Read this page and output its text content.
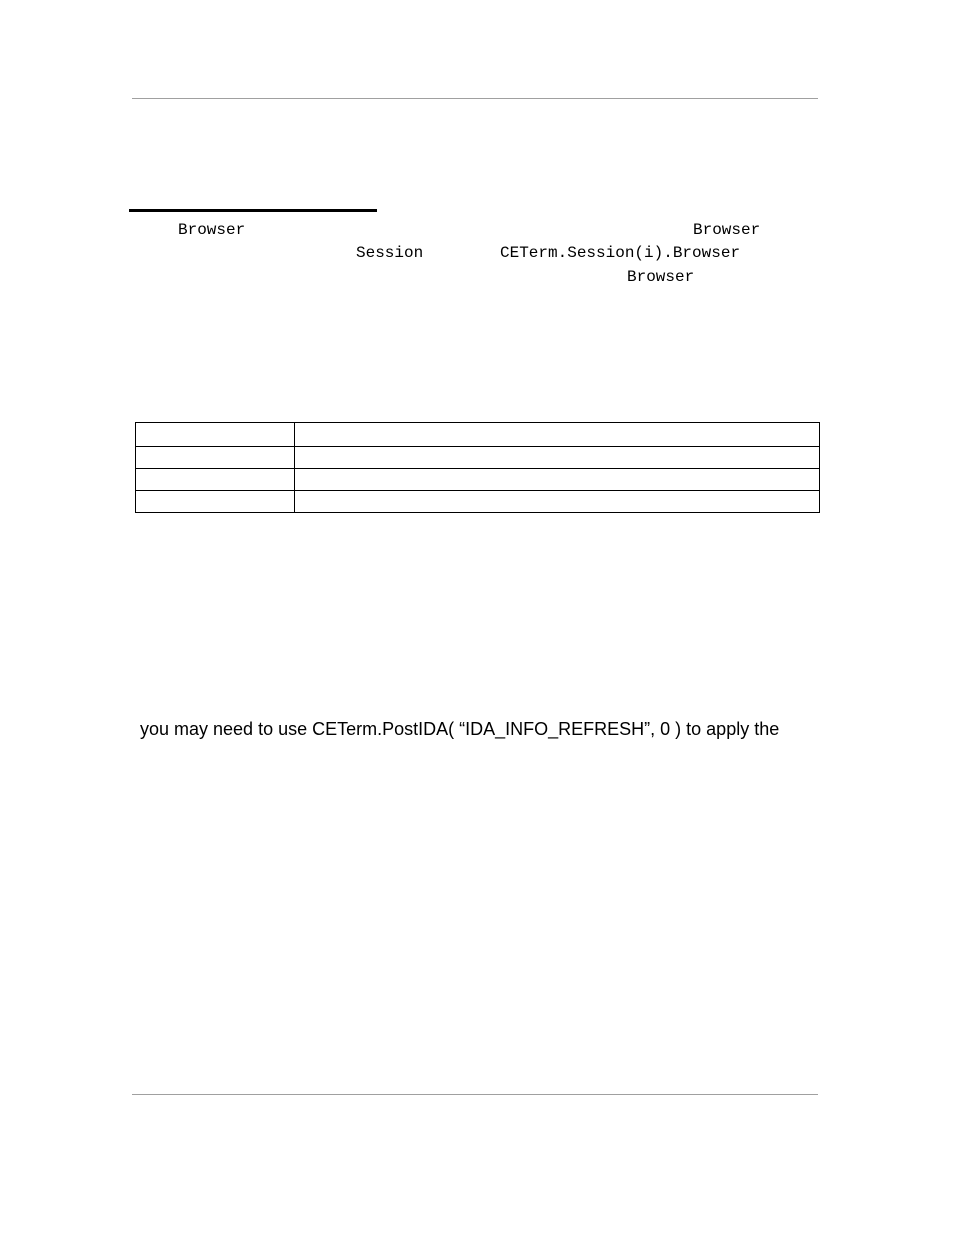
Browser	Browser
Session	CETerm.Session(i).Browser
Browser

you may need to use CETerm.PostIDA( “IDA_INFO_REFRESH”, 0 ) to apply the
